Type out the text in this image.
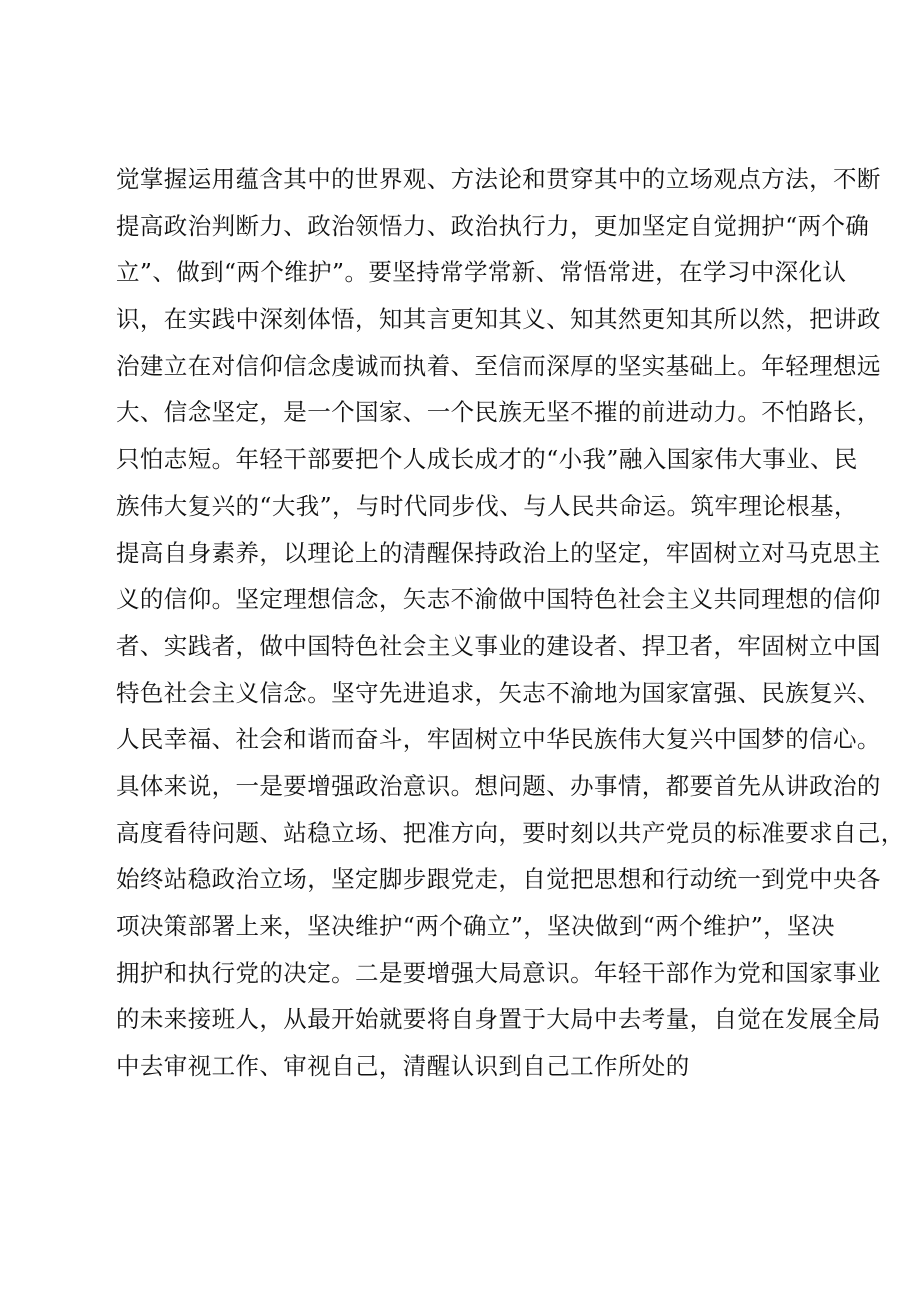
觉掌握运用蕴含其中的世界观、方法论和贯穿其中的立场观点方法，不断
提高政治判断力、政治领悟力、政治执行力，更加坚定自觉拥护“两个确
立”、做到“两个维护”。要坚持常学常新、常悟常进，在学习中深化认
识，在实践中深刻体悟，知其言更知其义、知其然更知其所以然，把讲政
治建立在对信仰信念虔诚而执着、至信而深厚的坚实基础上。年轻理想远
大、信念坚定，是一个国家、一个民族无坚不摧的前进动力。不怕路长，
只怕志短。年轻干部要把个人成长成才的“小我”融入国家伟大事业、民
族伟大复兴的“大我”，与时代同步伐、与人民共命运。筑牢理论根基，
提高自身素养，以理论上的清醒保持政治上的坚定，牢固树立对马克思主
义的信仰。坚定理想信念，矢志不渝做中国特色社会主义共同理想的信仰
者、实践者，做中国特色社会主义事业的建设者、捍卫者，牢固树立中国
特色社会主义信念。坚守先进追求，矢志不渝地为国家富强、民族复兴、
人民幸福、社会和谐而奋斗，牢固树立中华民族伟大复兴中国梦的信心。
具体来说，一是要增强政治意识。想问题、办事情，都要首先从讲政治的
高度看待问题、站稳立场、把准方向，要时刻以共产党员的标准要求自己，
始终站稳政治立场，坚定脚步跟党走，自觉把思想和行动统一到党中央各
项决策部署上来，坚决维护“两个确立”，坚决做到“两个维护”，坚决
拥护和执行党的决定。二是要增强大局意识。年轻干部作为党和国家事业
的未来接班人，从最开始就要将自身置于大局中去考量，自觉在发展全局
中去审视工作、审视自己，清醒认识到自己工作所处的
